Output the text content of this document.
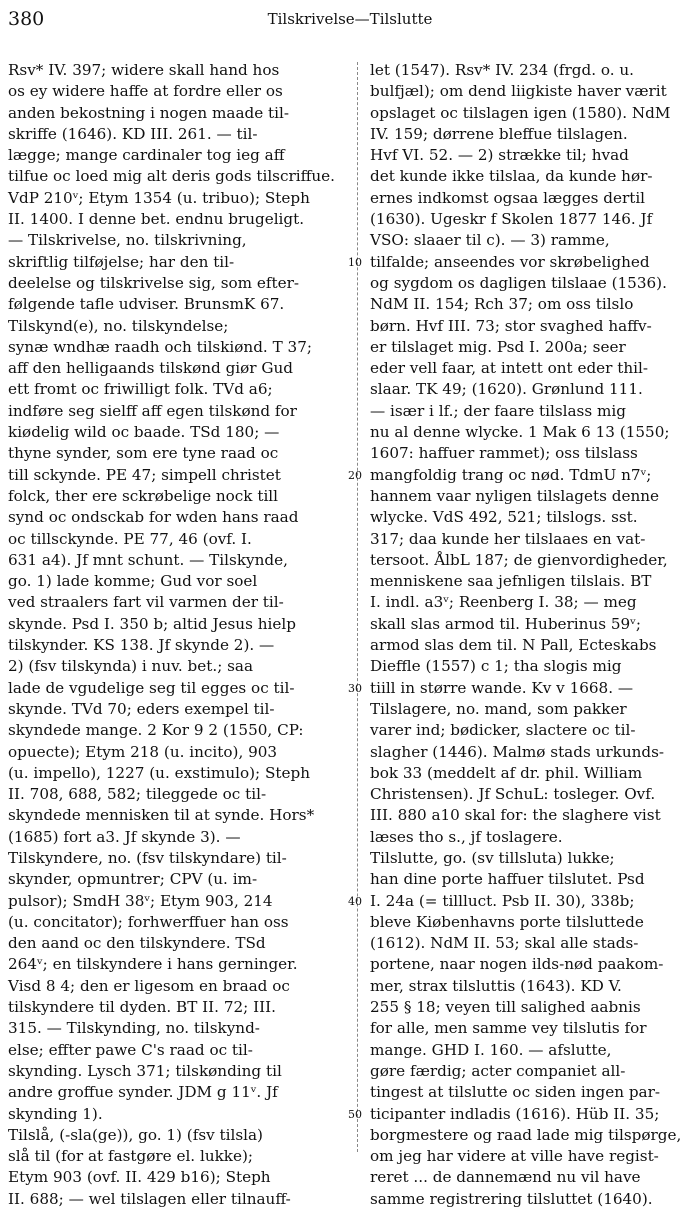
380	Tilskrivelse—Tilslutte
Rsv* IV. 397; widere skall hand hos
os ey widere haffe at fordre eller os
anden bekostning i nogen maade til-
skriffe (1646). KD III. 261. — til-
lægge; mange cardinaler tog ieg aff
tilfue oc loed mig alt deris gods tilscriffue.
VdP 210ᵛ; Etym 1354 (u. tribuo); Steph
II. 1400. I denne bet. endnu brugeligt.
— Tilskrivelse, no. tilskrivning,
skriftlig tilføjelse; har den til-
deelelse og tilskrivelse sig, som efter-
følgende tafle udviser. BrunsmK 67.
Tilskynd(e), no. tilskyndelse;
synæ wndhæ raadh och tilskiønd. T 37;
aff den helligaands tilskønd giør Gud
ett fromt oc friwilligt folk. TVd a6;
indføre seg sielff aff egen tilskønd for
kiødelig wild oc baade. TSd 180; —
thyne synder, som ere tyne raad oc
till sckynde. PE 47; simpell christet
folck, ther ere sckrøbelige nock till
synd oc ondsckab for wden hans raad
oc tillsckynde. PE 77, 46 (ovf. I.
631 a4). Jf mnt schunt. — Tilskynde,
go. 1) lade komme; Gud vor soel
ved straalers fart vil varmen der til-
skynde. Psd I. 350 b; altid Jesus hielp
tilskynder. KS 138. Jf skynde 2). —
2) (fsv tilskynda) i nuv. bet.; saa
lade de vgudelige seg til egges oc til-
skynde. TVd 70; eders exempel til-
skyndede mange. 2 Kor 9 2 (1550, CP:
opuecte); Etym 218 (u. incito), 903
(u. impello), 1227 (u. exstimulo); Steph
II. 708, 688, 582; tileggede oc til-
skyndede mennisken til at synde. Hors*
(1685) fort a3. Jf skynde 3). —
Tilskyndere, no. (fsv tilskyndare) til-
skynder, opmuntrer; CPV (u. im-
pulsor); SmdH 38ᵛ; Etym 903, 214
(u. concitator); forhwerffuer han oss
den aand oc den tilskyndere. TSd
264ᵛ; en tilskyndere i hans gerninger.
Visd 8 4; den er ligesom en braad oc
tilskyndere til dyden. BT II. 72; III.
315. — Tilskynding, no. tilskynd-
else; effter pawe C's raad oc til-
skynding. Lysch 371; tilskønding til
andre groffue synder. JDM g 11ᵛ. Jf
skynding 1).
Tilslå, (-sla(ge)), go. 1) (fsv tilsla)
slå til (for at fastgøre el. lukke);
Etym 903 (ovf. II. 429 b16); Steph
II. 688; — wel tilslagen eller tilnauff-
10
20
30
40
50
let (1547). Rsv* IV. 234 (frgd. o. u.
bulfjæl); om dend liigkiste haver værit
opslaget oc tilslagen igen (1580). NdM
IV. 159; dørrene bleffue tilslagen.
Hvf VI. 52. — 2) strække til; hvad
det kunde ikke tilslaa, da kunde hør-
ernes indkomst ogsaa lægges dertil
(1630). Ugeskr f Skolen 1877 146. Jf
VSO: slaaer til c). — 3) ramme,
tilfalde; anseendes vor skrøbelighed
og sygdom os dagligen tilslaae (1536).
NdM II. 154; Rch 37; om oss tilslo
børn. Hvf III. 73; stor svaghed haffv-
er tilslaget mig. Psd I. 200a; seer
eder vell faar, at intett ont eder thil-
slaar. TK 49; (1620). Grønlund 111.
— især i lf.; der faare tilslass mig
nu al denne wlycke. 1 Mak 6 13 (1550;
1607: haffuer rammet); oss tilslass
mangfoldig trang oc nød. TdmU n7ᵛ;
hannem vaar nyligen tilslagets denne
wlycke. VdS 492, 521; tilslogs. sst.
317; daa kunde her tilslaaes en vat-
tersoot. ÅlbL 187; de gienvordigheder,
menniskene saa jefnligen tilslais. BT
I. indl. a3ᵛ; Reenberg I. 38; — meg
skall slas armod til. Huberinus 59ᵛ;
armod slas dem til. N Pall, Ecteskabs
Dieffle (1557) c 1; tha slogis mig
tiill in større wande. Kv v 1668. —
Tilslagere, no. mand, som pakker
varer ind; bødicker, slactere oc til-
slagher (1446). Malmø stads urkunds-
bok 33 (meddelt af dr. phil. William
Christensen). Jf SchuL: tosleger. Ovf.
III. 880 a10 skal for: the slaghere vist
læses tho s., jf toslagere.
Tilslutte, go. (sv tillsluta) lukke;
han dine porte haffuer tilslutet. Psd
I. 24a (= tillluct. Psb II. 30), 338b;
bleve Kiøbenhavns porte tilsluttede
(1612). NdM II. 53; skal alle stads-
portene, naar nogen ilds-nød paakom-
mer, strax tilsluttis (1643). KD V.
255 § 18; veyen till salighed aabnis
for alle, men samme vey tilslutis for
mange. GHD I. 160. — afslutte,
gøre færdig; acter companiet all-
tingest at tilslutte oc siden ingen par-
ticipanter indladis (1616). Hüb II. 35;
borgmestere og raad lade mig tilspørge,
om jeg har videre at ville have regist-
reret ... de dannemænd nu vil have
samme registrering tilsluttet (1640).
